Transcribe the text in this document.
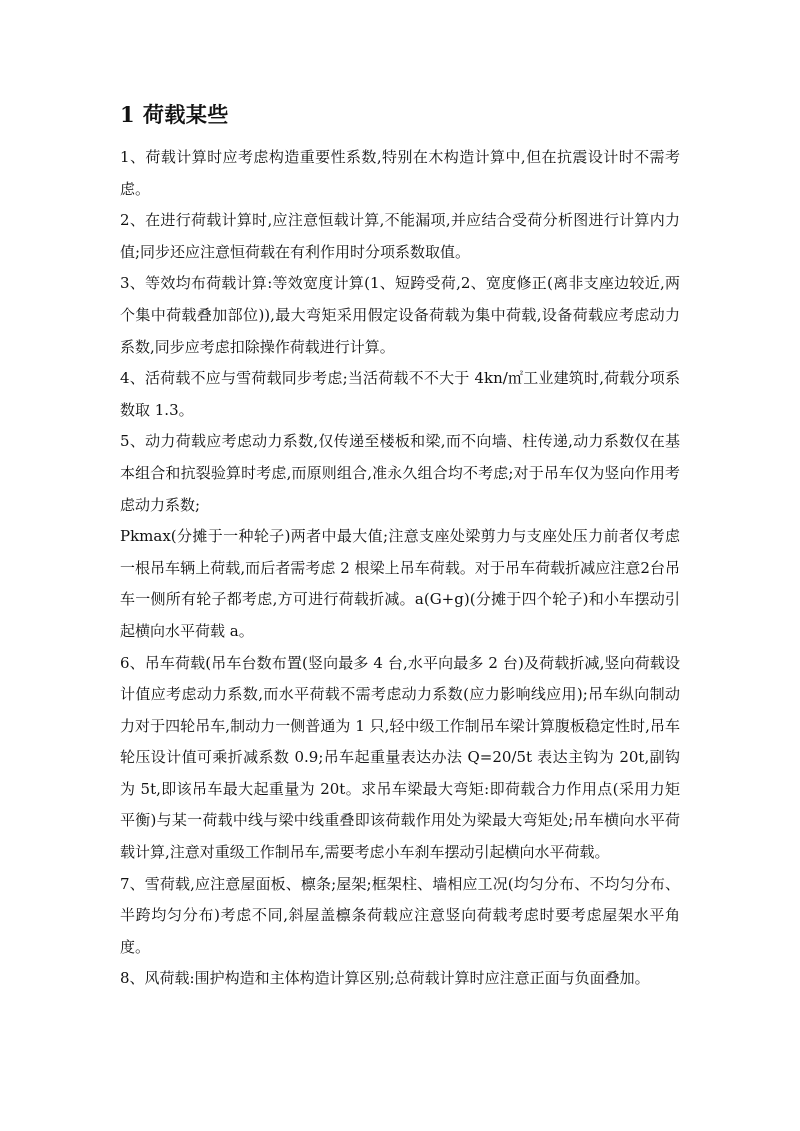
1 荷载某些

1、荷载计算时应考虑构造重要性系数,特别在木构造计算中,但在抗震设计时不需考虑。

2、在进行荷载计算时,应注意恒载计算,不能漏项,并应结合受荷分析图进行计算内力值;同步还应注意恒荷载在有利作用时分项系数取值。

3、等效均布荷载计算:等效宽度计算(1、短跨受荷,2、宽度修正(离非支座边较近,两个集中荷载叠加部位)),最大弯矩采用假定设备荷载为集中荷载,设备荷载应考虑动力系数,同步应考虑扣除操作荷载进行计算。

4、活荷载不应与雪荷载同步考虑;当活荷载不不大于 4kn/㎡工业建筑时,荷载分项系数取 1.3。

5、动力荷载应考虑动力系数,仅传递至楼板和梁,而不向墙、柱传递,动力系数仅在基本组合和抗裂验算时考虑,而原则组合,准永久组合均不考虑;对于吊车仅为竖向作用考虑动力系数;

Pkmax(分摊于一种轮子)两者中最大值;注意支座处梁剪力与支座处压力前者仅考虑一根吊车辆上荷载,而后者需考虑 2 根梁上吊车荷载。对于吊车荷载折减应注意2台吊车一侧所有轮子都考虑,方可进行荷载折减。a(G+g)(分摊于四个轮子)和小车摆动引起横向水平荷载 a。

6、吊车荷载(吊车台数布置(竖向最多 4 台,水平向最多 2 台)及荷载折减,竖向荷载设计值应考虑动力系数,而水平荷载不需考虑动力系数(应力影响线应用);吊车纵向制动力对于四轮吊车,制动力一侧普通为 1 只,轻中级工作制吊车梁计算腹板稳定性时,吊车轮压设计值可乘折减系数 0.9;吊车起重量表达办法 Q=20/5t 表达主钩为 20t,副钩为 5t,即该吊车最大起重量为 20t。求吊车梁最大弯矩:即荷载合力作用点(采用力矩平衡)与某一荷载中线与梁中线重叠即该荷载作用处为梁最大弯矩处;吊车横向水平荷载计算,注意对重级工作制吊车,需要考虑小车刹车摆动引起横向水平荷载。

7、雪荷载,应注意屋面板、檩条;屋架;框架柱、墙相应工况(均匀分布、不均匀分布、半跨均匀分布)考虑不同,斜屋盖檩条荷载应注意竖向荷载考虑时要考虑屋架水平角度。

8、风荷载:围护构造和主体构造计算区别;总荷载计算时应注意正面与负面叠加。
